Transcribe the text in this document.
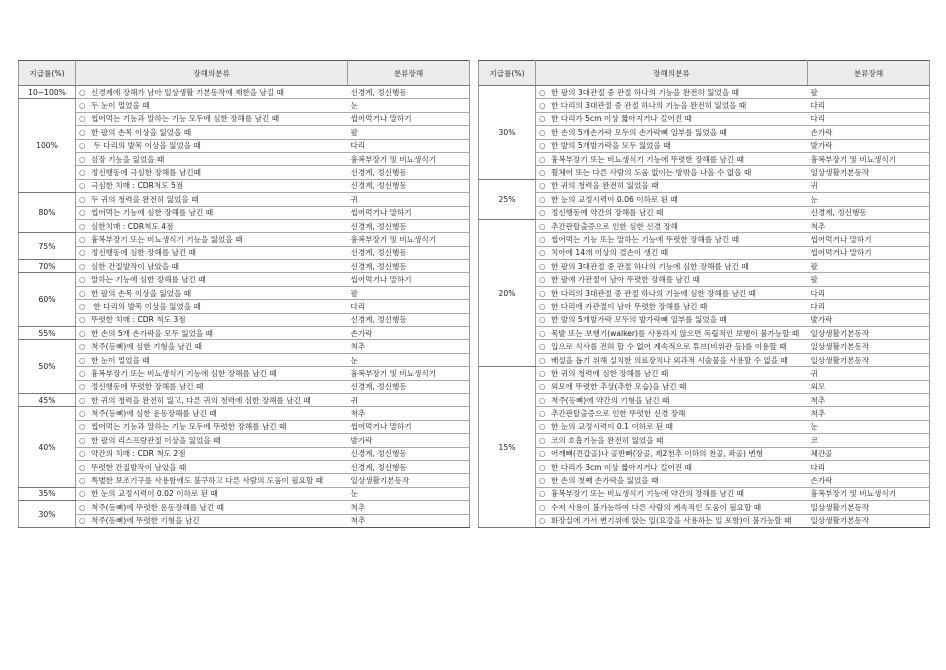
지급률(%)	장해의분류	분류장해
10~100%	○ 신경계에 장해가 남아 일상생활 기본동작에 제한을 남길 때	신경계, 정신행동
100%	○ 두 눈이 멀었을 때	눈
	○ 씹어먹는 기능과 말하는 기능 모두에 심한 장해를 남긴 때	씹어먹거나 말하기
	○ 한 팔의 손목 이상을 잃었을 때	팔
	○ 두 다리의 발목 이상을 잃었을 때	다리
	○ 심장 기능을 잃었을 때	흉복부장기 및 비뇨생식기
	○ 정신행동에 극심한 장해를 남긴때	신경계, 정신행동
	○ 극심한 치매 : CDR척도 5점	신경계, 정신행동
80%	○ 두 귀의 청력을 완전히 잃었을 때	귀
	○ 씹어먹는 기능에 심한 장해를 남긴 때	씹어먹거나 말하기
	○ 심한치매 : CDR척도 4점	신경계, 정신행동
75%	○ 흉복부장기 또는 비뇨생식기 기능을 잃었을 때	흉복부장기 및 비뇨생식기
	○ 정신행동에 심한 장해를 남긴 때	신경계, 정신행동
70%	○ 심한 간질발작이 남았을 때	신경계, 정신행동
60%	○ 말하는 기능에 심한 장해를 남긴 때	씹어먹거나 말하기
	○ 한 팔의 손목 이상을 잃었을 때	팔
	○ 한 다리의 발목 이상을 잃었을 때	다리
	○ 뚜렷한 치매 : CDR 척도 3점	신경계, 정신행동
55%	○ 한 손의 5개 손가락을 모두 잃었을 때	손가락
50%	○ 척주(등뼈)에 심한 기형을 남긴 때	척추
	○ 한 눈이 멀었을 때	눈
	○ 흉복부장기 또는 비뇨생식기 기능에 심한 장해를 남긴 때	흉복부장기 및 비뇨생식기
	○ 정신행동에 뚜렷한 장해를 남긴 때	신경계, 정신행동
45%	○ 한 귀의 청력을 완전히 잃고, 다른 귀의 청력에 심한 장해를 남긴 때	귀
40%	○ 척주(등뼈)에 심한 운동장해를 남긴 때	척추
	○ 씹어먹는 기능과 말하는 기능 모두에 뚜렷한 장해를 남긴 때	씹어먹거나 말하기
	○ 한 팔의 리스프랑관절 이상을 잃었을 때	발가락
	○ 약간의 치매 : CDR 척도 2점	신경계, 정신행동
	○ 뚜렷한 간질발작이 남았을 때	신경계, 정신행동
	○ 특별한 보조기구를 사용함에도 불구하고 다른 사람의 도움이 필요할 때	일상생활기본동작
35%	○ 한 눈의 교정시력이 0.02 이하로 된 때	눈
30%	○ 척주(등뼈)에 뚜렷한 운동장해를 남긴 때	척추
	○ 척주(등뼈)에 뚜렷한 기형을 남긴	척추
지급률(%)	장해의분류	분류장해
30%	○ 한 팔의 3대관절 중 관절 하나의 기능을 완전히 잃었을 때	팔
	○ 한 다리의 3대관절 중 관절 하나의 기능을 완전히 잃었을 때	다리
	○ 한 다리가 5cm 이상 짧아지거나 길어진 때	다리
	○ 한 손의 5개손가락 모두의 손가락뼈 일부를 잃었을 때	손가락
	○ 한 발의 5개발가락을 모두 잃었을 때	발가락
	○ 흉복부장기 또는 비뇨생식기 기능에 뚜렷한 장해를 남긴 때	흉복부장기 및 비뇨생식기
	○ 휠체어 또는 다른 사람의 도움 없이는 방밖을 나올 수 없을 때	일상생활기본동작
25%	○ 한 귀의 청력을 완전히 잃었을 때	귀
	○ 한 눈의 교정시력이 0.06 이하로 된 때	눈
	○ 정신행동에 약간의 장해를 남긴 때	신경계, 정신행동
20%	○ 추간판탈출증으로 인한 심한 신경 장해	척추
	○ 씹어먹는 기능 또는 말하는 기능에 뚜렷한 장해를 남긴 때	씹어먹거나 말하기
	○ 치아에 14개 이상의 결손이 생긴 때	씹어먹거나 말하기
	○ 한 팔의 3대관절 중 관절 하나의 기능에 심한 장해를 남긴 때	팔
	○ 한 팔에 가관절이 남아 뚜렷한 장해를 남긴 때	팔
	○ 한 다리의 3대관절 중 관절 하나의 기능에 심한 장해를 남긴 때	다리
	○ 한 다리에 가관절이 남아 뚜렷한 장해를 남긴 때	다리
	○ 한 발의 5개발가락 모두의 발가락뼈 일부를 잃었을 때	발가락
	○ 목발 또는 보행기(walker)를 사용하지 않으면 독립적인 보행이 불가능할 때	일상생활기본동작
	○ 입으로 식사를 전혀 할 수 없어 계속적으로 튜브(비위관 등)를 이용할 때	일상생활기본동작
	○ 배설을 돕기 위해 설치한 의료장치나 외과적 시술물을 사용할 수 없을 때	일상생활기본동작
15%	○ 한 귀의 청력에 심한 장해를 남긴 때	귀
	○ 외모에 뚜렷한 추상(추한 모습)을 남긴 때	외모
	○ 척주(등뼈)에 약간의 기형을 남긴 때	척추
	○ 추간판탈출증으로 인한 뚜렷한 신경 장해	척추
	○ 한 눈의 교정시력이 0.1 이하로 된 때	눈
	○ 코의 호흡기능을 완전히 잃었을 때	코
	○ 어깨뼈(견갑골)나 골반뼈(장골, 제2천추 이하의 천골, 좌골) 변형	체간골
	○ 한 다리가 3cm 이상 짧아지거나 길어진 때	다리
	○ 한 손의 첫째 손가락을 잃었을 때	손가락
	○ 흉복부장기 또는 비뇨생식기 기능에 약간의 장해를 남긴 때	흉복부장기 및 비뇨생식기
	○ 수저 사용이 불가능하여 다른 사람의 계속적인 도움이 필요할 때	일상생활기본동작
	○ 화장실에 가서 변기위에 앉는 일(요강을 사용하는 일 포함)이 불가능할 때	일상생활기본동작
